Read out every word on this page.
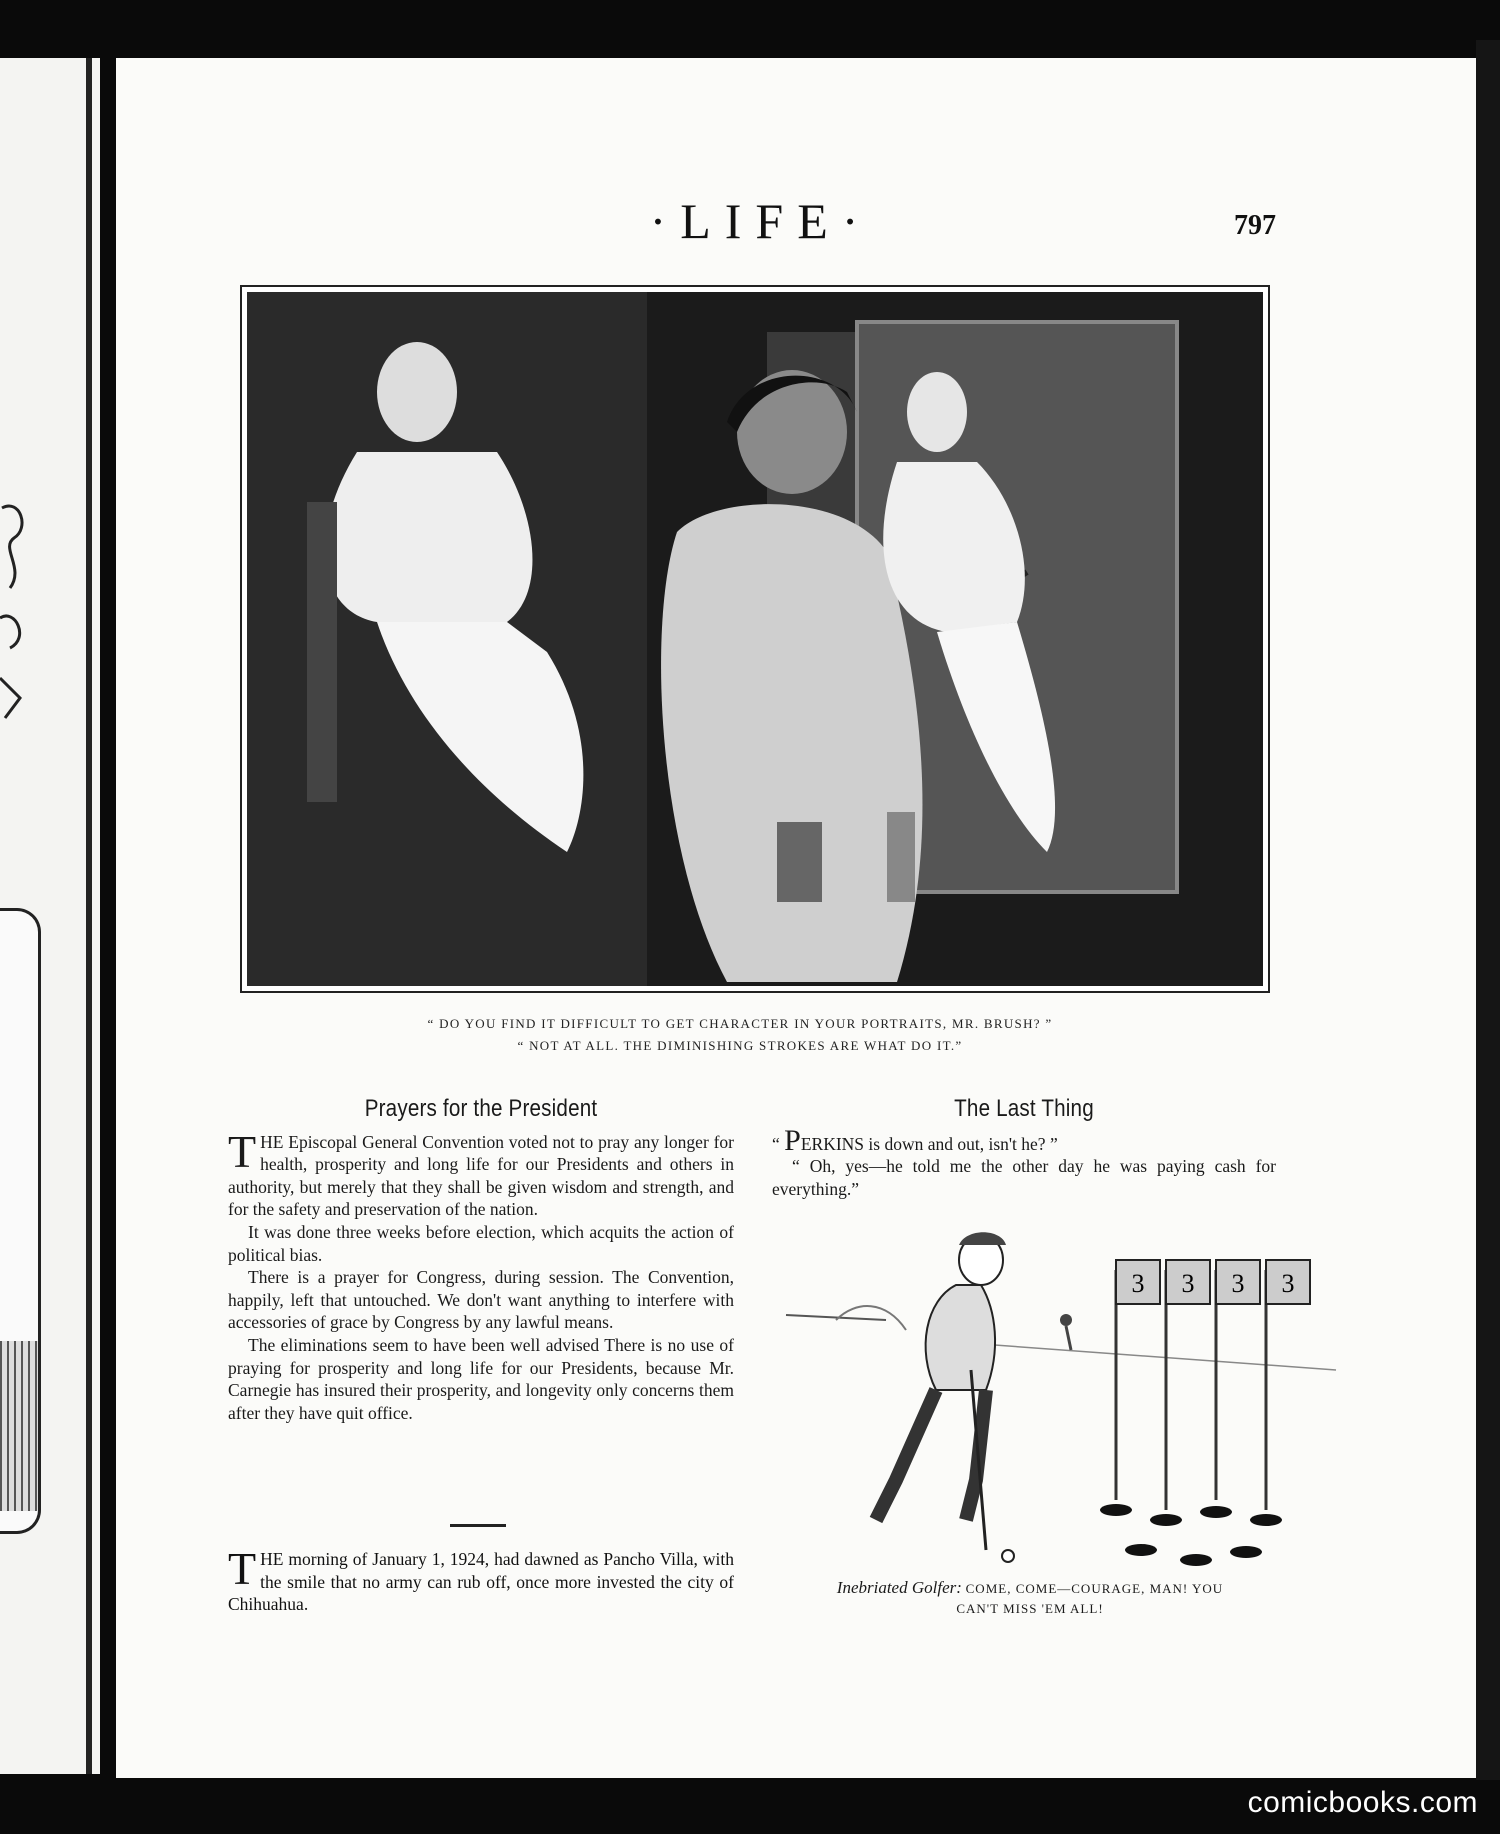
·LIFE·	797
“ DO YOU FIND IT DIFFICULT TO GET CHARACTER IN YOUR PORTRAITS, MR. BRUSH? ”
“ NOT AT ALL. THE DIMINISHING STROKES ARE WHAT DO IT.”
Prayers for the President

THE Episcopal General Convention voted not to pray any longer for health, prosperity and long life for our Presidents and others in authority, but merely that they shall be given wisdom and strength, and for the safety and preservation of the nation.

It was done three weeks before election, which acquits the action of political bias.

There is a prayer for Congress, during session. The Convention, happily, left that untouched. We don't want anything to interfere with accessories of grace by Congress by any lawful means.

The eliminations seem to have been well advised There is no use of praying for prosperity and long life for our Presidents, because Mr. Carnegie has insured their prosperity, and longevity only concerns them after they have quit office.

THE morning of January 1, 1924, had dawned as Pancho Villa, with the smile that no army can rub off, once more invested the city of Chihuahua.

The Last Thing

“ PERKINS is down and out, isn't he? ”

“ Oh, yes—he told me the other day he was paying cash for everything.”

3 3 3 3
Inebriated Golfer: COME, COME—COURAGE, MAN! YOU
CAN'T MISS 'EM ALL!
comicbooks.com
